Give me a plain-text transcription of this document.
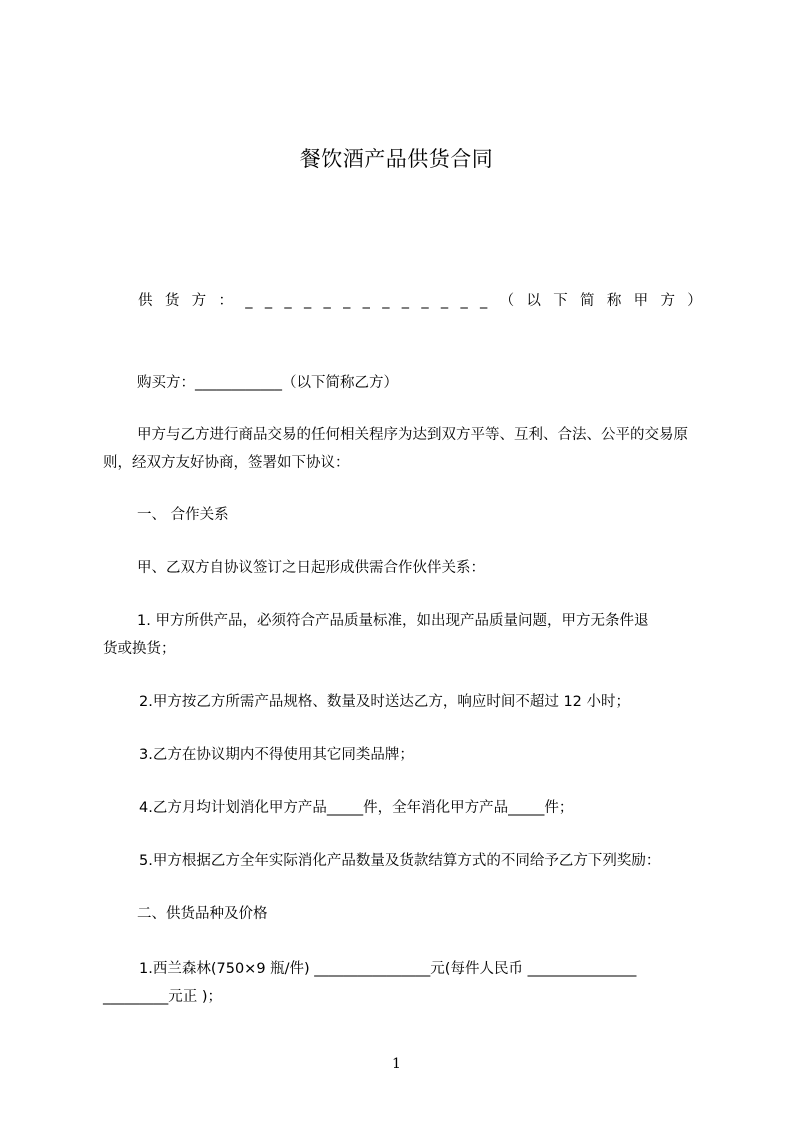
餐饮酒产品供货合同
供 货 方 ： _ _ _ _ _ _ _ _ _ _ _ _ _ （ 以 下 简 称 甲 方 ）
购买方：____________（以下简称乙方）
甲方与乙方进行商品交易的任何相关程序为达到双方平等、互利、合法、公平的交易原则，经双方友好协商，签署如下协议：
一、 合作关系
甲、乙双方自协议签订之日起形成供需合作伙伴关系：
1. 甲方所供产品，必须符合产品质量标准，如出现产品质量问题，甲方无条件退
货或换货；
2.甲方按乙方所需产品规格、数量及时送达乙方，响应时间不超过 12 小时；
3.乙方在协议期内不得使用其它同类品牌；
4.乙方月均计划消化甲方产品_____件，全年消化甲方产品_____件；
5.甲方根据乙方全年实际消化产品数量及货款结算方式的不同给予乙方下列奖励：
二、供货品种及价格
1.西兰森林(750×9 瓶/件) ________________元(每件人民币 _______________
_________元正 )；
1
